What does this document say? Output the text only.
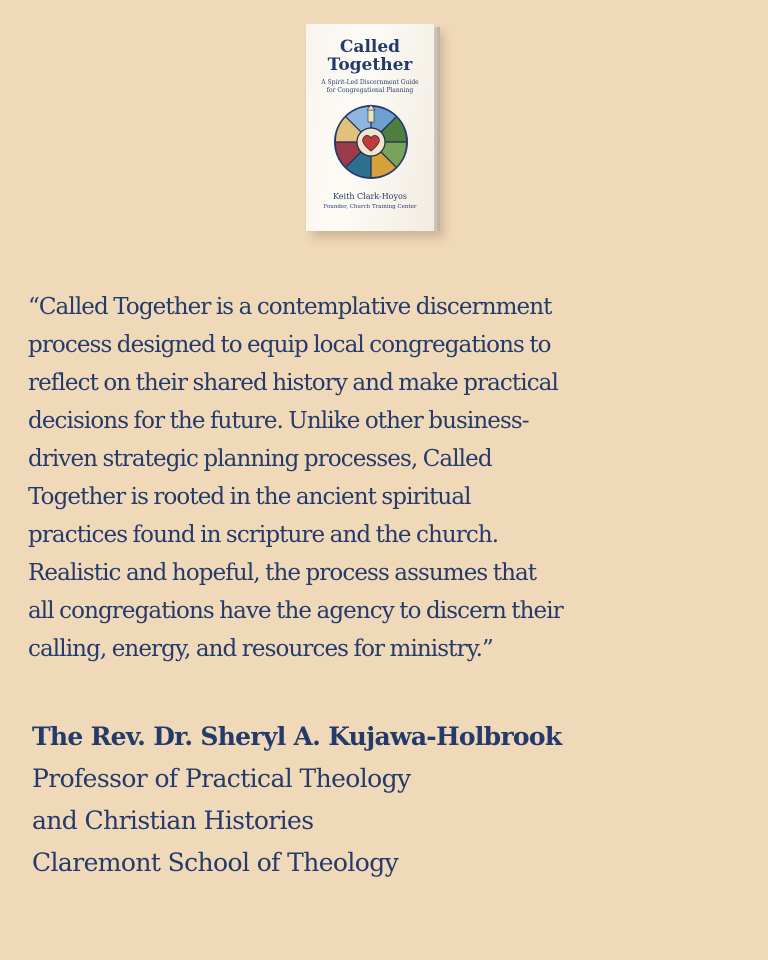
Called
Together
A Spirit-Led Discernment Guide
for Congregational Planning
Keith Clark-Hoyos
Founder, Church Training Center
“Called Together is a contemplative discernment
process designed to equip local congregations to
reflect on their shared history and make practical
decisions for the future. Unlike other business-
driven strategic planning processes, Called
Together is rooted in the ancient spiritual
practices found in scripture and the church.
Realistic and hopeful, the process assumes that
all congregations have the agency to discern their
calling, energy, and resources for ministry.”
The Rev. Dr. Sheryl A. Kujawa-Holbrook
Professor of Practical Theology
and Christian Histories
Claremont School of Theology
